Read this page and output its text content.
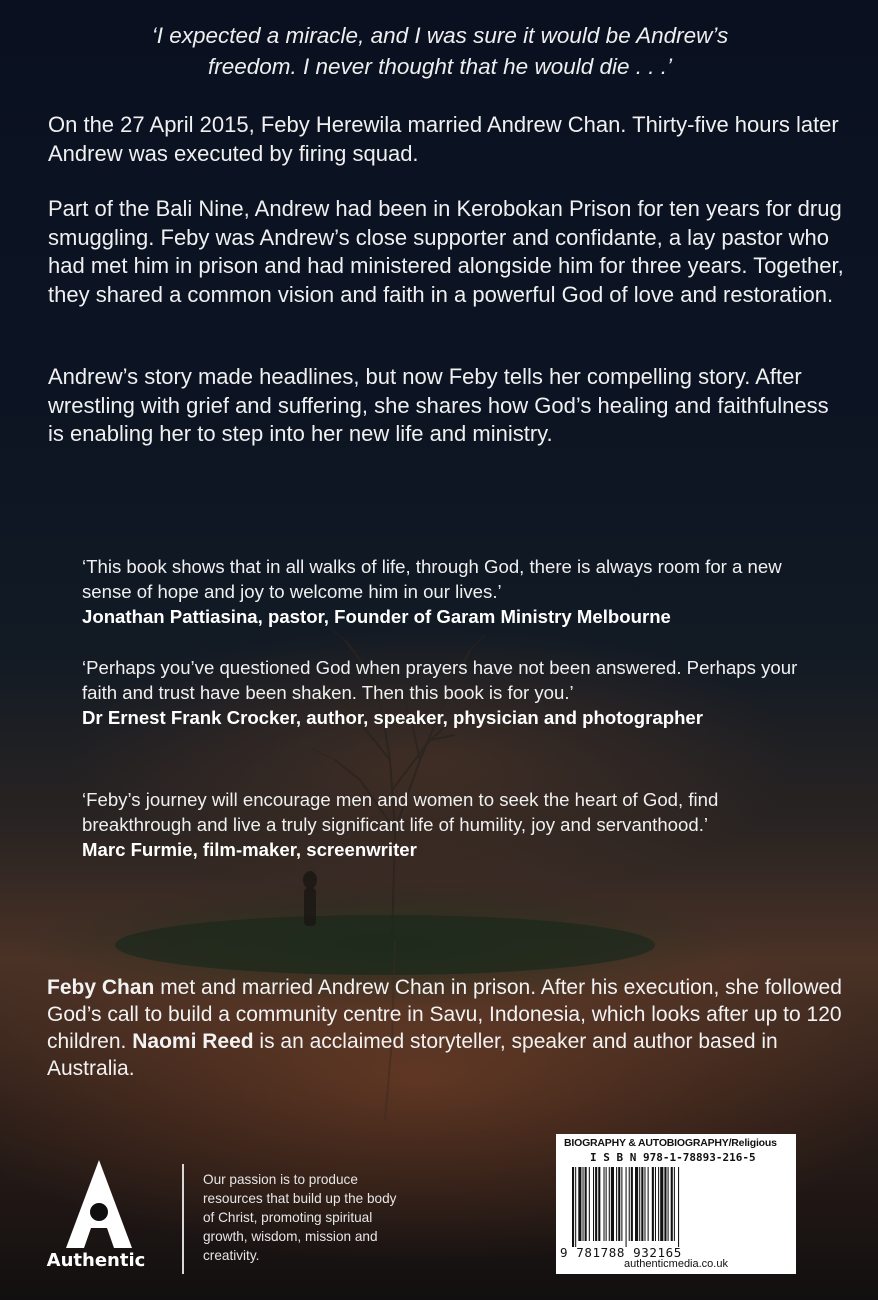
‘I expected a miracle, and I was sure it would be Andrew’s
freedom. I never thought that he would die . . .’

On the 27 April 2015, Feby Herewila married Andrew Chan. Thirty-five hours later Andrew was executed by firing squad.

Part of the Bali Nine, Andrew had been in Kerobokan Prison for ten years for drug smuggling. Feby was Andrew’s close supporter and confidante, a lay pastor who had met him in prison and had ministered alongside him for three years. Together, they shared a common vision and faith in a powerful God of love and restoration.

Andrew’s story made headlines, but now Feby tells her compelling story. After wrestling with grief and suffering, she shares how God’s healing and faithfulness is enabling her to step into her new life and ministry.

‘This book shows that in all walks of life, through God, there is always room for a new sense of hope and joy to welcome him in our lives.’

Jonathan Pattiasina, pastor, Founder of Garam Ministry Melbourne

‘Perhaps you’ve questioned God when prayers have not been answered. Perhaps your faith and trust have been shaken. Then this book is for you.’

Dr Ernest Frank Crocker, author, speaker, physician and photographer

‘Feby’s journey will encourage men and women to seek the heart of God, find breakthrough and live a truly significant life of humility, joy and servanthood.’

Marc Furmie, film-maker, screenwriter

Feby Chan met and married Andrew Chan in prison. After his execution, she followed God’s call to build a community centre in Savu, Indonesia, which looks after up to 120 children. Naomi Reed is an acclaimed storyteller, speaker and author based in Australia.

Authentic

Our passion is to produce resources that build up the body of Christ, promoting spiritual growth, wisdom, mission and creativity.

BIOGRAPHY & AUTOBIOGRAPHY/Religious

I S B N 978-1-78893-216-5

9 781788 932165

authenticmedia.co.uk
